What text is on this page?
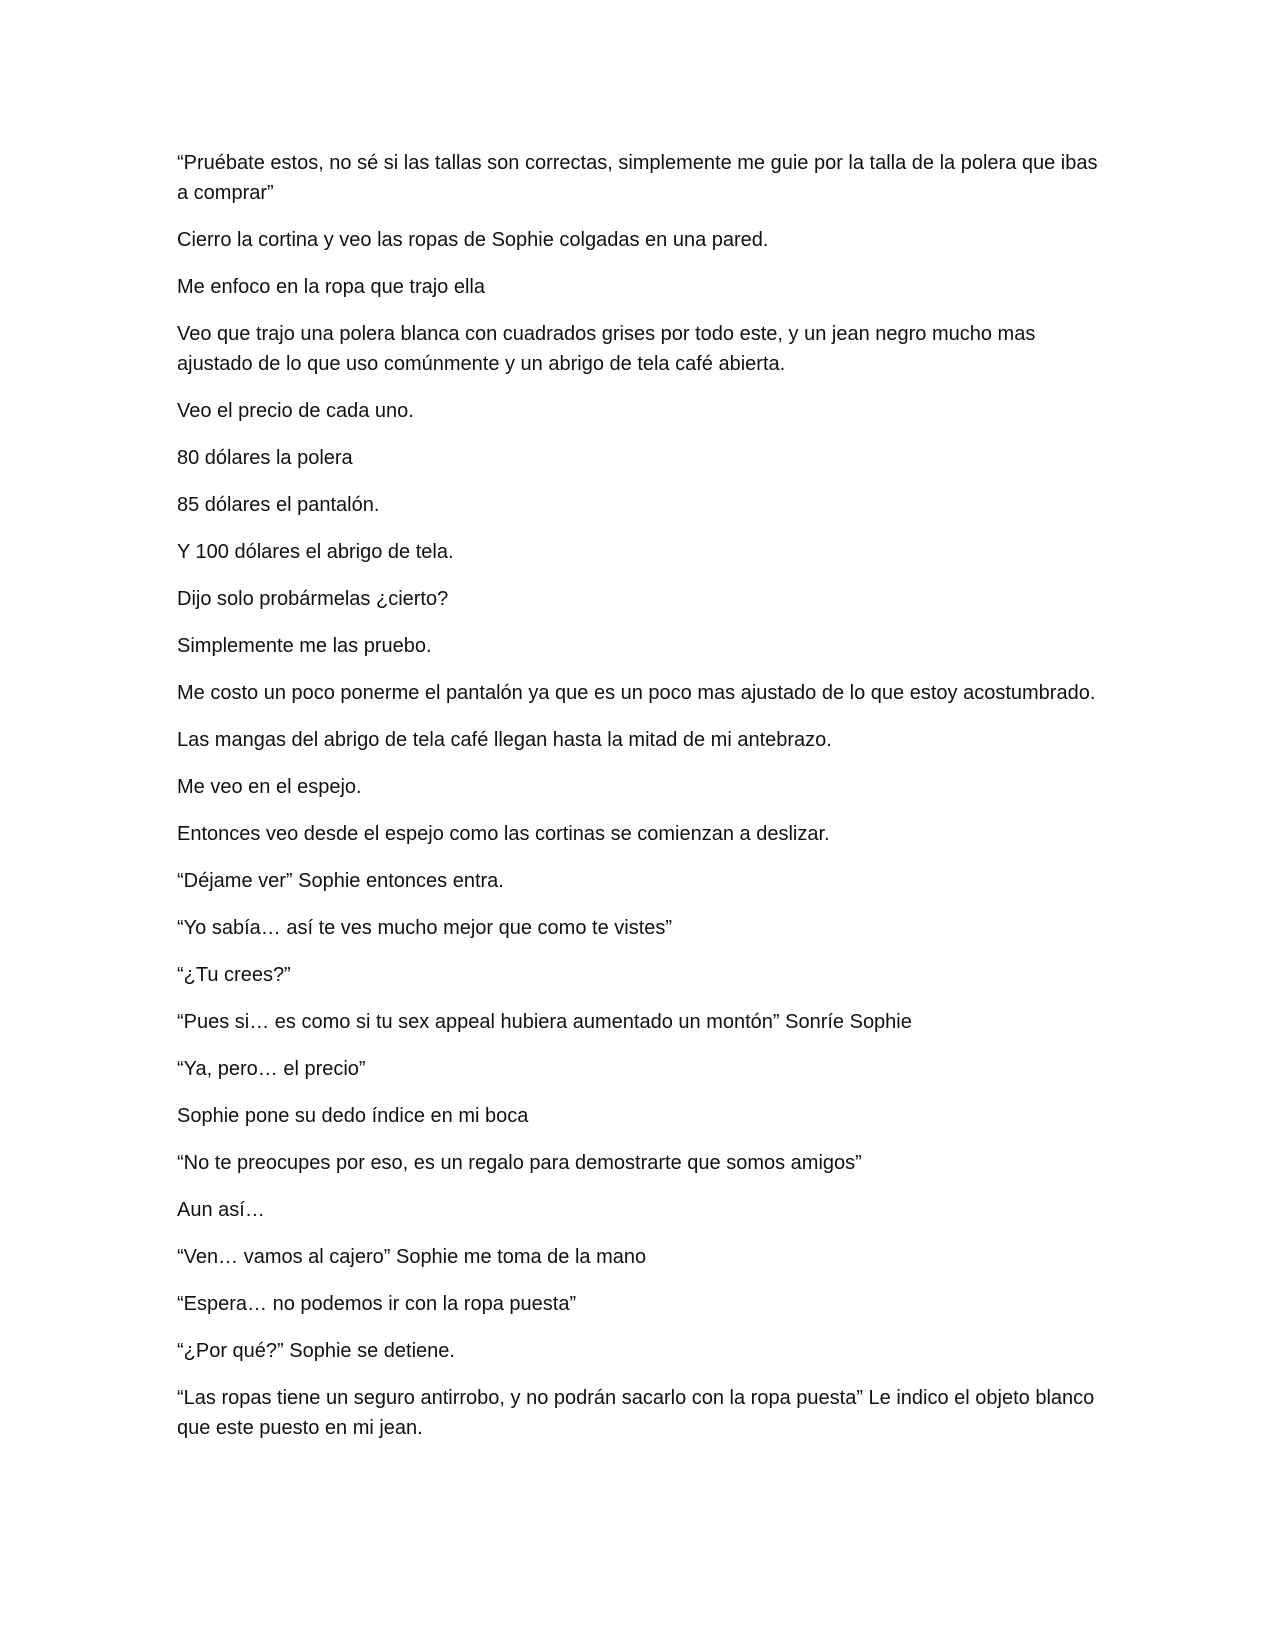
“Pruébate estos, no sé si las tallas son correctas, simplemente me guie por la talla de la polera que ibas a comprar”

Cierro la cortina y veo las ropas de Sophie colgadas en una pared.

Me enfoco en la ropa que trajo ella

Veo que trajo una polera blanca con cuadrados grises por todo este, y un jean negro mucho mas ajustado de lo que uso comúnmente y un abrigo de tela café abierta.

Veo el precio de cada uno.

80 dólares la polera

85 dólares el pantalón.

Y 100 dólares el abrigo de tela.

Dijo solo probármelas ¿cierto?

Simplemente me las pruebo.

Me costo un poco ponerme el pantalón ya que es un poco mas ajustado de lo que estoy acostumbrado.

Las mangas del abrigo de tela café llegan hasta la mitad de mi antebrazo.

Me veo en el espejo.

Entonces veo desde el espejo como las cortinas se comienzan a deslizar.

“Déjame ver” Sophie entonces entra.

“Yo sabía… así te ves mucho mejor que como te vistes”

“¿Tu crees?”

“Pues si… es como si tu sex appeal hubiera aumentado un montón” Sonríe Sophie

“Ya, pero… el precio”

Sophie pone su dedo índice en mi boca

“No te preocupes por eso, es un regalo para demostrarte que somos amigos”

Aun así…

“Ven… vamos al cajero” Sophie me toma de la mano

“Espera… no podemos ir con la ropa puesta”

“¿Por qué?” Sophie se detiene.

“Las ropas tiene un seguro antirrobo, y no podrán sacarlo con la ropa puesta” Le indico el objeto blanco que este puesto en mi jean.
